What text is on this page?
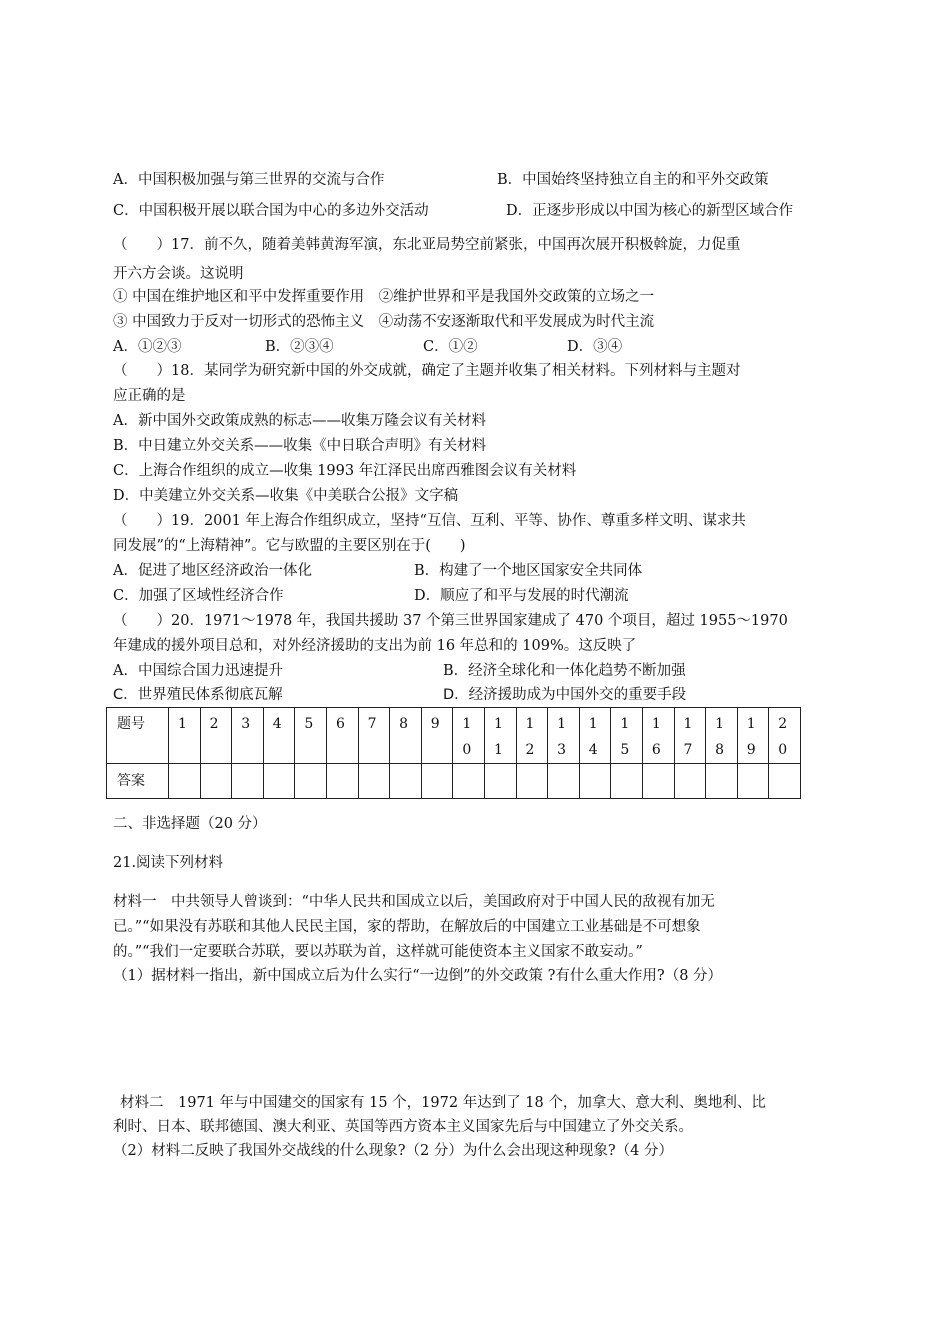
A．中国积极加强与第三世界的交流与合作	B．中国始终坚持独立自主的和平外交政策
C．中国积极开展以联合国为中心的多边外交活动	D．正逐步形成以中国为核心的新型区域合作
（　　）17．前不久，随着美韩黄海军演，东北亚局势空前紧张，中国再次展开积极斡旋，力促重
开六方会谈。这说明
① 中国在维护地区和平中发挥重要作用　②维护世界和平是我国外交政策的立场之一
③ 中国致力于反对一切形式的恐怖主义　④动荡不安逐渐取代和平发展成为时代主流
A．①②③	B．②③④	C．①②	D．③④
（　　）18．某同学为研究新中国的外交成就，确定了主题并收集了相关材料。下列材料与主题对
应正确的是
A．新中国外交政策成熟的标志——收集万隆会议有关材料
B．中日建立外交关系——收集《中日联合声明》有关材料
C．上海合作组织的成立—收集 1993 年江泽民出席西雅图会议有关材料
D．中美建立外交关系—收集《中美联合公报》文字稿
（　　）19．2001 年上海合作组织成立，坚持“互信、互利、平等、协作、尊重多样文明、谋求共
同发展”的“上海精神”。它与欧盟的主要区别在于(　　)
A．促进了地区经济政治一体化	B．构建了一个地区国家安全共同体
C．加强了区域性经济合作	D．顺应了和平与发展的时代潮流
（　　）20．1971～1978 年，我国共援助 37 个第三世界国家建成了 470 个项目，超过 1955～1970
年建成的援外项目总和，对外经济援助的支出为前 16 年总和的 109%。这反映了
A．中国综合国力迅速提升	B．经济全球化和一体化趋势不断加强
C．世界殖民体系彻底瓦解	D．经济援助成为中国外交的重要手段
题号	1	2	3	4	5	6	7	8	9	10	11	12	13	14	15	16	17	18	19	20

答案																				

二、非选择题（20 分）
21.阅读下列材料
材料一　中共领导人曾谈到：“中华人民共和国成立以后，美国政府对于中国人民的敌视有加无
已。”“如果没有苏联和其他人民民主国，家的帮助，在解放后的中国建立工业基础是不可想象
的。”“我们一定要联合苏联，要以苏联为首，这样就可能使资本主义国家不敢妄动。”
（1）据材料一指出，新中国成立后为什么实行“一边倒”的外交政策 ?有什么重大作用?（8 分）
材料二　1971 年与中国建交的国家有 15 个，1972 年达到了 18 个，加拿大、意大利、奥地利、比
利时、日本、联邦德国、澳大利亚、英国等西方资本主义国家先后与中国建立了外交关系。
（2）材料二反映了我国外交战线的什么现象?（2 分）为什么会出现这种现象?（4 分）
